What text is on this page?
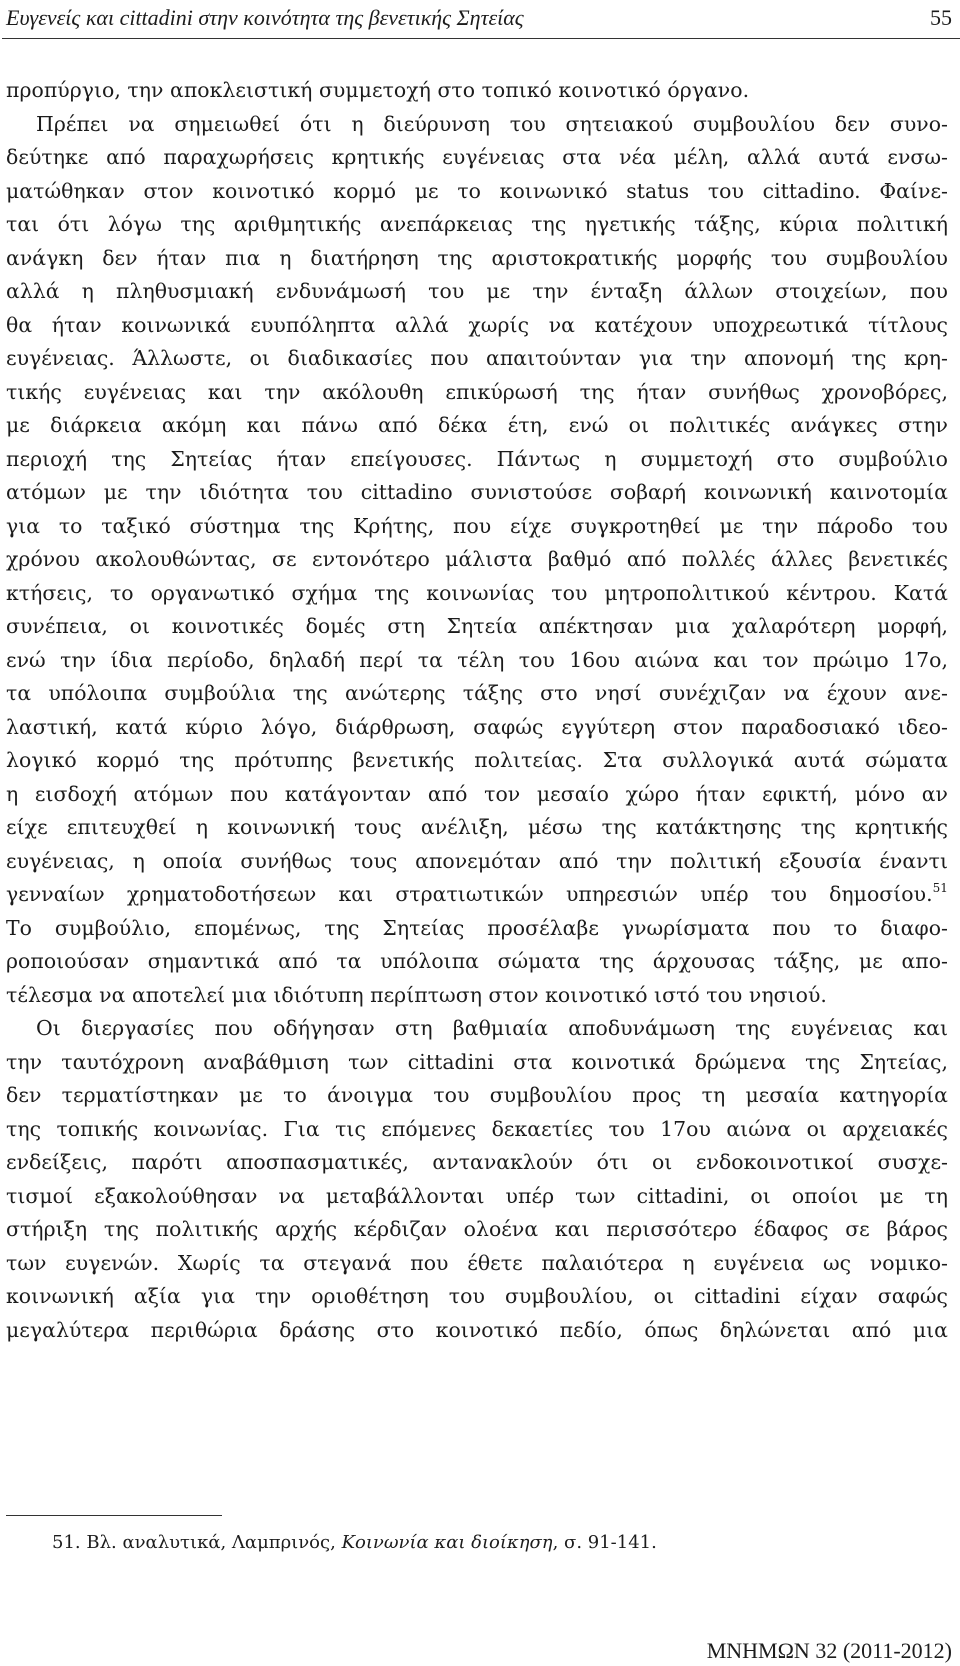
Ευγενείς και cittadini στην κοινότητα της βενετικής Σητείας	55
προπύργιο, την αποκλειστική συμμετοχή στο τοπικό κοινοτικό όργανο.
Πρέπει να σημειωθεί ότι η διεύρυνση του σητειακού συμβουλίου δεν συνο-
δεύτηκε από παραχωρήσεις κρητικής ευγένειας στα νέα μέλη, αλλά αυτά ενσω-
ματώθηκαν στον κοινοτικό κορμό με το κοινωνικό status του cittadino. Φαίνε-
ται ότι λόγω της αριθμητικής ανεπάρκειας της ηγετικής τάξης, κύρια πολιτική
ανάγκη δεν ήταν πια η διατήρηση της αριστοκρατικής μορφής του συμβουλίου
αλλά η πληθυσμιακή ενδυνάμωσή του με την ένταξη άλλων στοιχείων, που
θα ήταν κοινωνικά ευυπόληπτα αλλά χωρίς να κατέχουν υποχρεωτικά τίτλους
ευγένειας. Άλλωστε, οι διαδικασίες που απαιτούνταν για την απονομή της κρη-
τικής ευγένειας και την ακόλουθη επικύρωσή της ήταν συνήθως χρονοβόρες,
με διάρκεια ακόμη και πάνω από δέκα έτη, ενώ οι πολιτικές ανάγκες στην
περιοχή της Σητείας ήταν επείγουσες. Πάντως η συμμετοχή στο συμβούλιο
ατόμων με την ιδιότητα του cittadino συνιστούσε σοβαρή κοινωνική καινοτομία
για το ταξικό σύστημα της Κρήτης, που είχε συγκροτηθεί με την πάροδο του
χρόνου ακολουθώντας, σε εντονότερο μάλιστα βαθμό από πολλές άλλες βενετικές
κτήσεις, το οργανωτικό σχήμα της κοινωνίας του μητροπολιτικού κέντρου. Κατά
συνέπεια, οι κοινοτικές δομές στη Σητεία απέκτησαν μια χαλαρότερη μορφή,
ενώ την ίδια περίοδο, δηλαδή περί τα τέλη του 16ου αιώνα και τον πρώιμο 17ο,
τα υπόλοιπα συμβούλια της ανώτερης τάξης στο νησί συνέχιζαν να έχουν ανε-
λαστική, κατά κύριο λόγο, διάρθρωση, σαφώς εγγύτερη στον παραδοσιακό ιδεο-
λογικό κορμό της πρότυπης βενετικής πολιτείας. Στα συλλογικά αυτά σώματα
η εισδοχή ατόμων που κατάγονταν από τον μεσαίο χώρο ήταν εφικτή, μόνο αν
είχε επιτευχθεί η κοινωνική τους ανέλιξη, μέσω της κατάκτησης της κρητικής
ευγένειας, η οποία συνήθως τους απονεμόταν από την πολιτική εξουσία έναντι
γενναίων χρηματοδοτήσεων και στρατιωτικών υπηρεσιών υπέρ του δημοσίου.$^{51}$
Το συμβούλιο, επομένως, της Σητείας προσέλαβε γνωρίσματα που το διαφο-
ροποιούσαν σημαντικά από τα υπόλοιπα σώματα της άρχουσας τάξης, με απο-
τέλεσμα να αποτελεί μια ιδιότυπη περίπτωση στον κοινοτικό ιστό του νησιού.
Οι διεργασίες που οδήγησαν στη βαθμιαία αποδυνάμωση της ευγένειας και
την ταυτόχρονη αναβάθμιση των cittadini στα κοινοτικά δρώμενα της Σητείας,
δεν τερματίστηκαν με το άνοιγμα του συμβουλίου προς τη μεσαία κατηγορία
της τοπικής κοινωνίας. Για τις επόμενες δεκαετίες του 17ου αιώνα οι αρχειακές
ενδείξεις, παρότι αποσπασματικές, αντανακλούν ότι οι ενδοκοινοτικοί συσχε-
τισμοί εξακολούθησαν να μεταβάλλονται υπέρ των cittadini, οι οποίοι με τη
στήριξη της πολιτικής αρχής κέρδιζαν ολοένα και περισσότερο έδαφος σε βάρος
των ευγενών. Χωρίς τα στεγανά που έθετε παλαιότερα η ευγένεια ως νομικο-
κοινωνική αξία για την οριοθέτηση του συμβουλίου, οι cittadini είχαν σαφώς
μεγαλύτερα περιθώρια δράσης στο κοινοτικό πεδίο, όπως δηλώνεται από μια
51. Βλ. αναλυτικά, Λαμπρινός, Κοινωνία και διοίκηση, σ. 91-141.
ΜΝΗΜΩΝ 32 (2011-2012)
